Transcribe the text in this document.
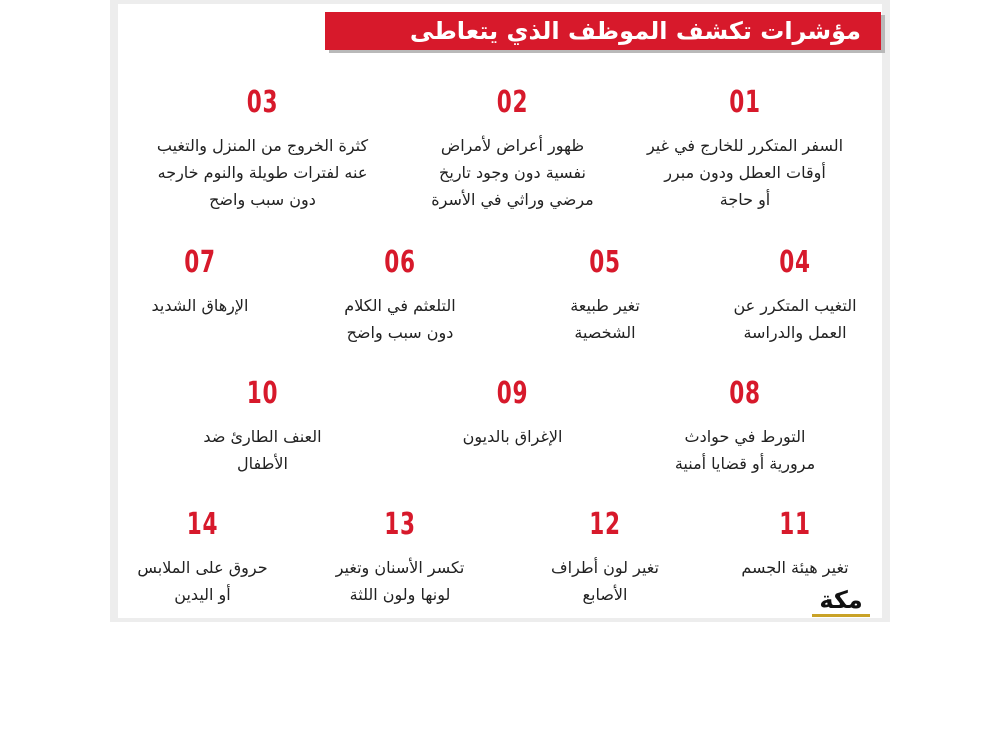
مؤشرات تكشف الموظف الذي يتعاطى مخدرات
01
السفر المتكرر للخارج في غير
أوقات العطل ودون مبرر
أو حاجة
02
ظهور أعراض لأمراض
نفسية دون وجود تاريخ
مرضي وراثي في الأسرة
03
كثرة الخروج من المنزل والتغيب
عنه لفترات طويلة والنوم خارجه
دون سبب واضح
04
التغيب المتكرر عن
العمل والدراسة
05
تغير طبيعة
الشخصية
06
التلعثم في الكلام
دون سبب واضح
07
الإرهاق الشديد
08
التورط في حوادث
مرورية أو قضايا أمنية
09
الإغراق بالديون
10
العنف الطارئ ضد
الأطفال
11
تغير هيئة الجسم
12
تغير لون أطراف
الأصابع
13
تكسر الأسنان وتغير
لونها ولون اللثة
14
حروق على الملابس
أو اليدين	مكة
